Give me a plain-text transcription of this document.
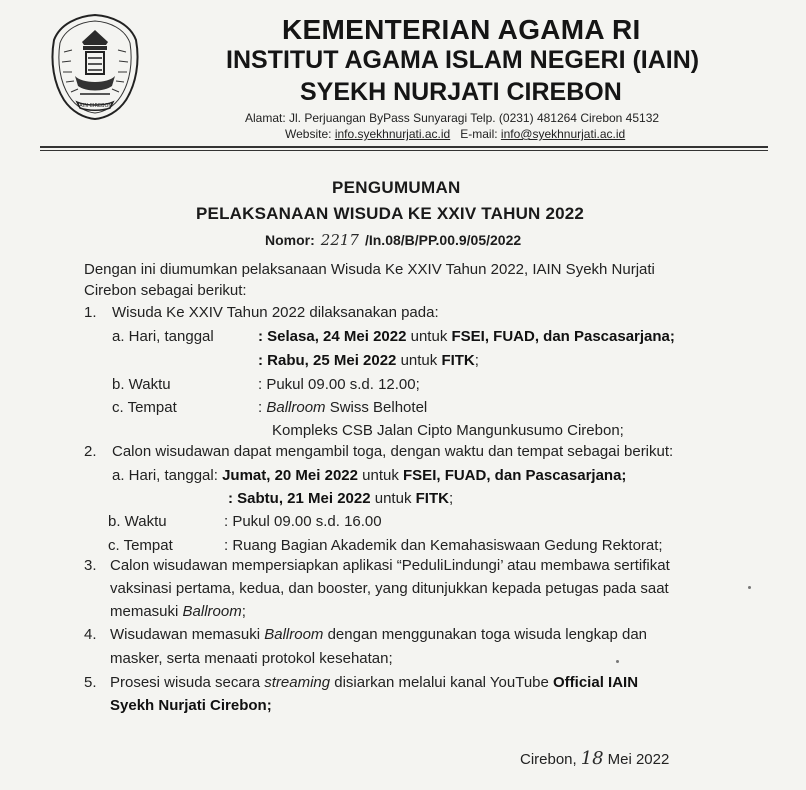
IAIN CIREBON
KEMENTERIAN AGAMA RI
INSTITUT AGAMA ISLAM NEGERI (IAIN)
SYEKH NURJATI CIREBON
Alamat: Jl. Perjuangan ByPass Sunyaragi Telp. (0231) 481264 Cirebon 45132
Website: info.syekhnurjati.ac.id E-mail: info@syekhnurjati.ac.id
PENGUMUMAN
PELAKSANAAN WISUDA KE XXIV TAHUN 2022
Nomor: 2217 /In.08/B/PP.00.9/05/2022
Dengan ini diumumkan pelaksanaan Wisuda Ke XXIV Tahun 2022, IAIN Syekh Nurjati
Cirebon sebagai berikut:
1. Wisuda Ke XXIV Tahun 2022 dilaksanakan pada:
a. Hari, tanggal	: Selasa, 24 Mei 2022 untuk FSEI, FUAD, dan Pascasarjana;
: Rabu, 25 Mei 2022 untuk FITK;
b. Waktu	: Pukul 09.00 s.d. 12.00;
c. Tempat	: Ballroom Swiss Belhotel
Kompleks CSB Jalan Cipto Mangunkusumo Cirebon;
2. Calon wisudawan dapat mengambil toga, dengan waktu dan tempat sebagai berikut:
a. Hari, tanggal: Jumat, 20 Mei 2022 untuk FSEI, FUAD, dan Pascasarjana;
: Sabtu, 21 Mei 2022 untuk FITK;
b. Waktu	: Pukul 09.00 s.d. 16.00
c. Tempat	: Ruang Bagian Akademik dan Kemahasiswaan Gedung Rektorat;
3. Calon wisudawan mempersiapkan aplikasi “PeduliLindungi’ atau membawa sertifikat
vaksinasi pertama, kedua, dan booster, yang ditunjukkan kepada petugas pada saat
memasuki Ballroom;
4. Wisudawan memasuki Ballroom dengan menggunakan toga wisuda lengkap dan
masker, serta menaati protokol kesehatan;
5. Prosesi wisuda secara streaming disiarkan melalui kanal YouTube Official IAIN
Syekh Nurjati Cirebon;
Cirebon, 18 Mei 2022
